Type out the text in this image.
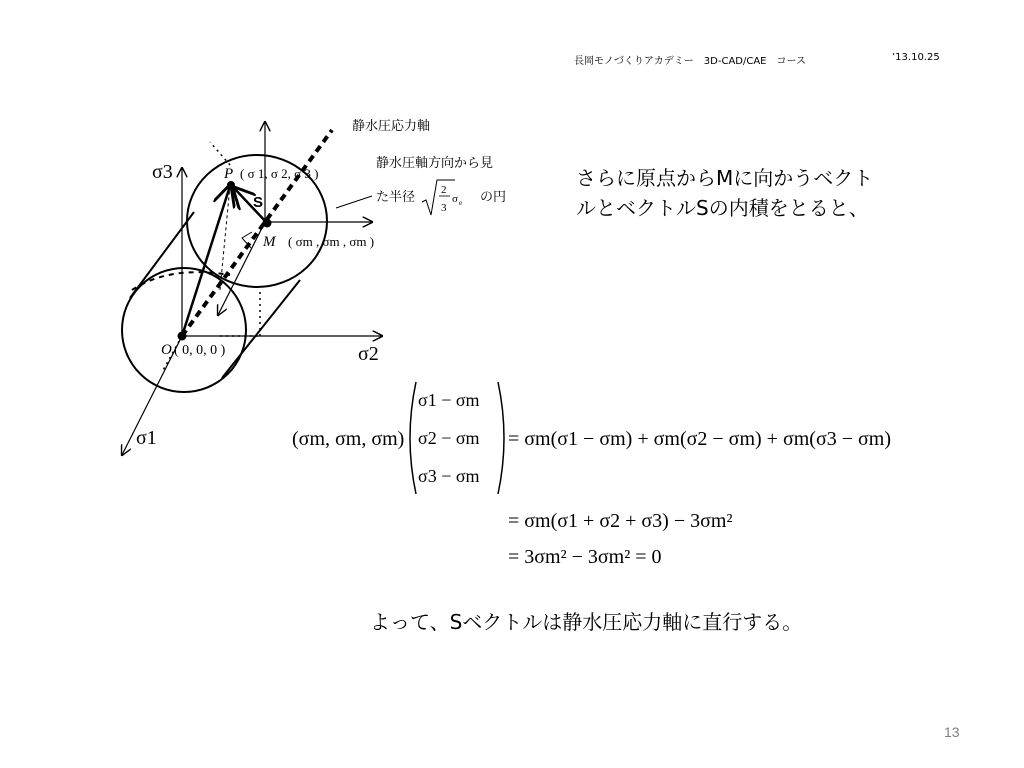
長岡モノづくりアカデミー　3D-CAD/CAE　コース	’13.10.25
σ1
σ2
σ3	P ( σ 1, σ 2, σ 3 )
M ( σm , σm , σm )
O ( 0, 0, 0 )
S
静水圧応力軸
静水圧軸方向から見
た半径 2
3
σ e の円
さらに原点からMに向かうベクト
ルとベクトルSの内積をとると、
(σm, σm, σm)
σ1 − σm
σ2 − σm
σ3 − σm
= σm(σ1 − σm) + σm(σ2 − σm) + σm(σ3 − σm)
= σm(σ1 + σ2 + σ3) − 3σm²
= 3σm² − 3σm² = 0
よって、Sベクトルは静水圧応力軸に直行する。
13
